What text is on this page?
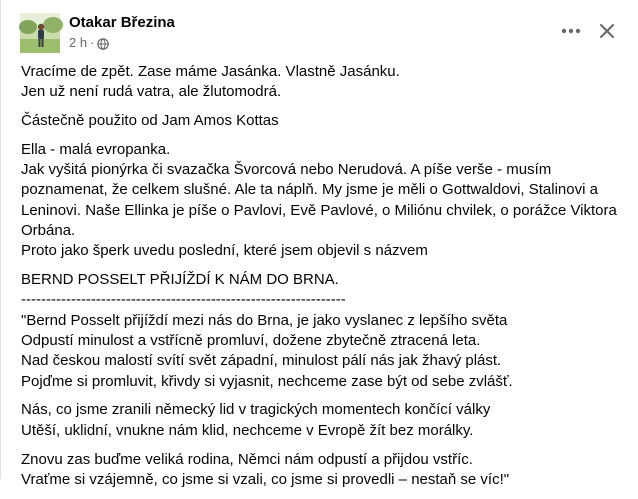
Otakar Březina
2 h ·
Vracíme de zpět. Zase máme Jasánka. Vlastně Jasánku.
Jen už není rudá vatra, ale žlutomodrá.
Částečně použito od Jam Amos Kottas
Ella - malá evropanka.
Jak vyšitá pionýrka či svazačka Švorcová nebo Nerudová. A píše verše - musím poznamenat, že celkem slušné. Ale ta náplň. My jsme je měli o Gottwaldovi, Stalinovi a Leninovi. Naše Ellinka je píše o Pavlovi, Evě Pavlové, o Miliónu chvilek, o porážce Viktora Orbána.
Proto jako šperk uvedu poslední, které jsem objevil s názvem
BERND POSSELT PŘIJÍŽDÍ K NÁM DO BRNA.
-----------------------------------------------------------------
"Bernd Posselt přijíždí mezi nás do Brna, je jako vyslanec z lepšího světa
Odpustí minulost a vstřícně promluví, dožene zbytečně ztracená leta.
Nad českou malostí svítí svět západní, minulost pálí nás jak žhavý plást.
Pojďme si promluvit, křivdy si vyjasnit, nechceme zase být od sebe zvlášť.
Nás, co jsme zranili německý lid v tragických momentech končící války
Utěší, uklidní, vnukne nám klid, nechceme v Evropě žít bez morálky.
Znovu zas buďme veliká rodina, Němci nám odpustí a přijdou vstříc.
Vraťme si vzájemně, co jsme si vzali, co jsme si provedli – nestaň se víc!"
